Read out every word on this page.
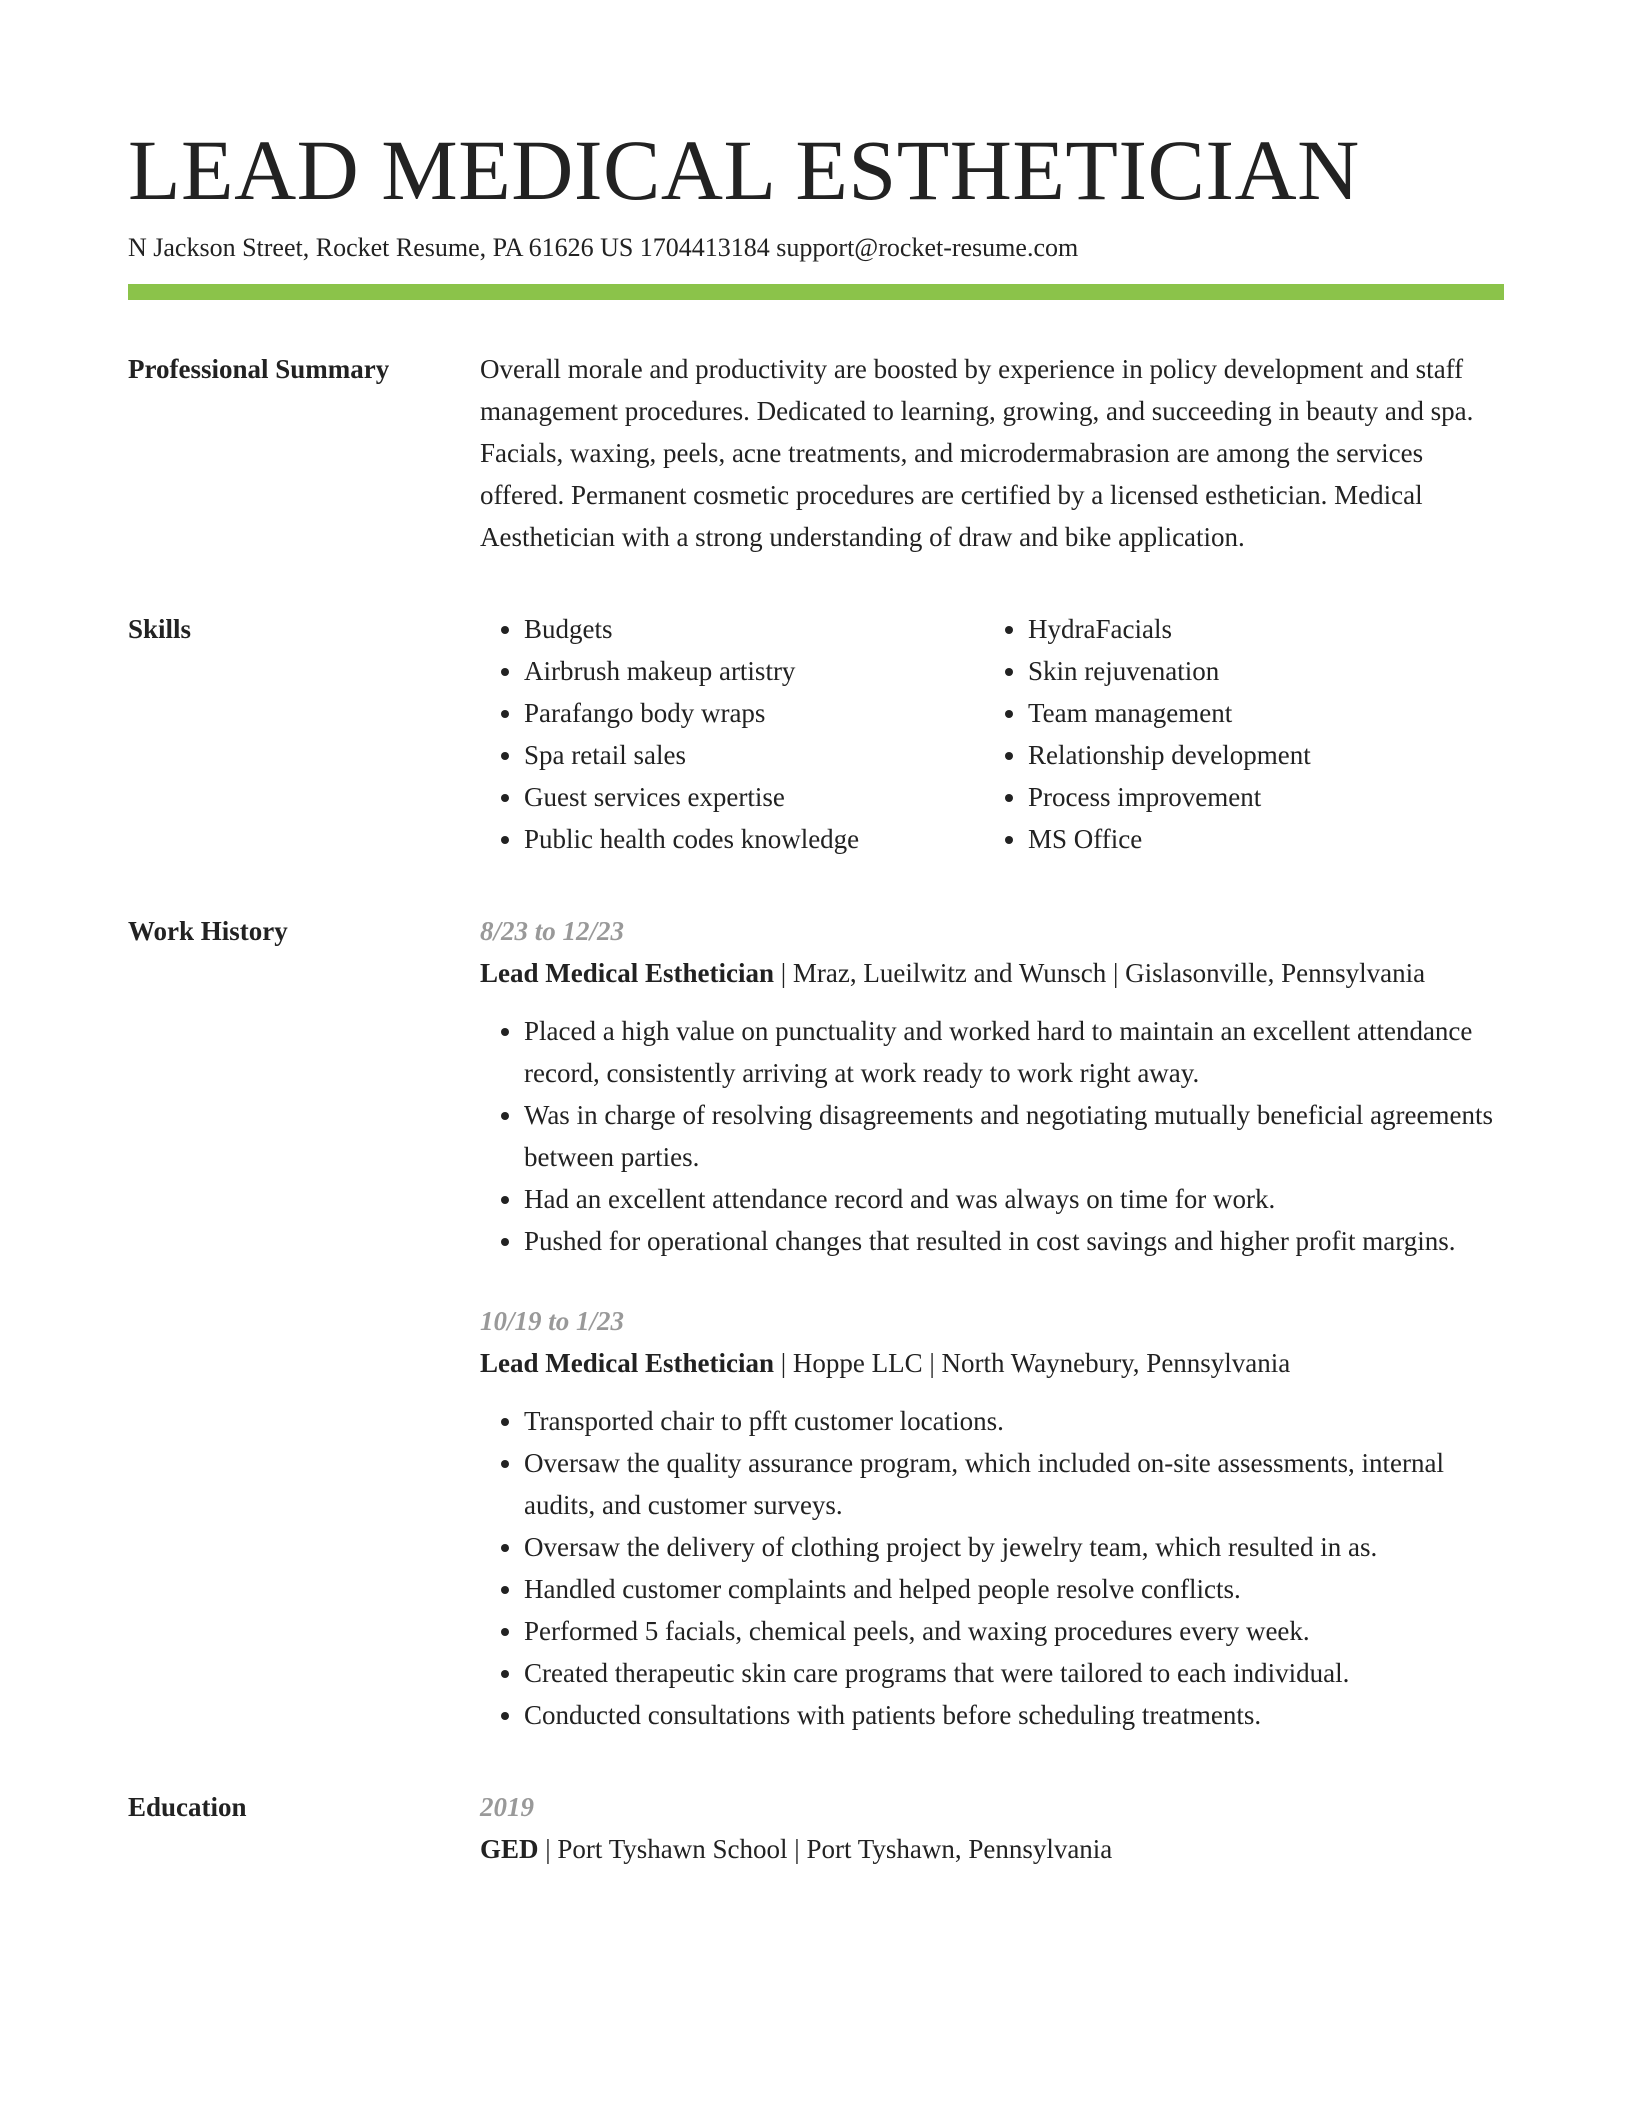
LEAD MEDICAL ESTHETICIAN
N Jackson Street, Rocket Resume, PA 61626 US 1704413184 support@rocket-resume.com
Professional Summary	Overall morale and productivity are boosted by experience in policy development and staff management procedures. Dedicated to learning, growing, and succeeding in beauty and spa. Facials, waxing, peels, acne treatments, and microdermabrasion are among the services offered. Permanent cosmetic procedures are certified by a licensed esthetician. Medical Aesthetician with a strong understanding of draw and bike application.

Skills
•	Budgets
• Airbrush makeup artistry
• Parafango body wraps
• Spa retail sales
• Guest services expertise
• Public health codes knowledge
• HydraFacials
• Skin rejuvenation
• Team management
• Relationship development
• Process improvement
• MS Office
Work History	8/23 to 12/23
Lead Medical Esthetician | Mraz, Lueilwitz and Wunsch | Gislasonville, Pennsylvania
• Placed a high value on punctuality and worked hard to maintain an excellent attendance record, consistently arriving at work ready to work right away.
• Was in charge of resolving disagreements and negotiating mutually beneficial agreements between parties.
• Had an excellent attendance record and was always on time for work.
• Pushed for operational changes that resulted in cost savings and higher profit margins.
10/19 to 1/23
Lead Medical Esthetician | Hoppe LLC | North Waynebury, Pennsylvania
• Transported chair to pfft customer locations.
• Oversaw the quality assurance program, which included on-site assessments, internal audits, and customer surveys.
• Oversaw the delivery of clothing project by jewelry team, which resulted in as.
• Handled customer complaints and helped people resolve conflicts.
• Performed 5 facials, chemical peels, and waxing procedures every week.
• Created therapeutic skin care programs that were tailored to each individual.
• Conducted consultations with patients before scheduling treatments.
Education	2019
GED | Port Tyshawn School | Port Tyshawn, Pennsylvania
